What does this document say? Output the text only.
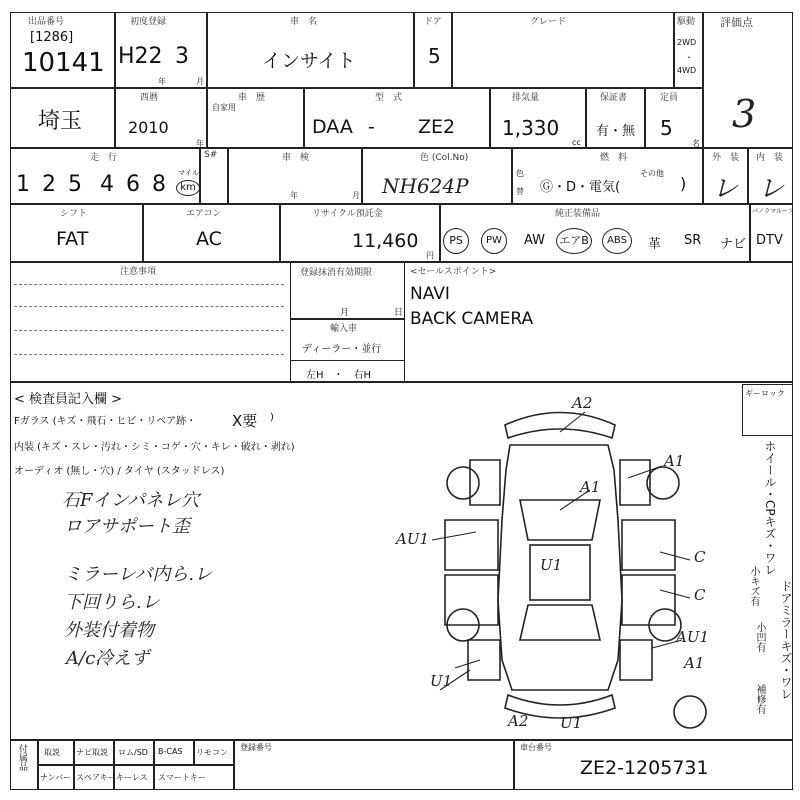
出品番号
[1286]
10141
初度登録
H22 3
年	月
車　名
インサイト
ドア
5
グレード	駆動
2WD
・
4WD
評価点
3
埼玉
西暦
2010
年
車　歴
自家用
型　式
DAA - ZE2
排気量
1,330
cc
保証書
有・無
定員
5
名
走　行
1 2 5 4 6 8 マイル
km
S#	車　検
年	月
色 (Col.No)
NH624P
色
替
燃　料
Ⓖ・D・電気(
その他
)
外　装
レ
内　装
レ
シフト
FAT
エアコン
AC
リサイクル預託金
11,460
円
純正装備品
PS	PW	AW エアB	ABS	革 SR ナビ
パノラマルーフ
DTV
注意事項	登録抹消有効期限
月	日
輸入車
ディーラー・並行
左H　・　右H
<セールスポイント>
NAVI
BACK CAMERA
< 検査員記入欄 >
Fガラス (キズ・飛石・ヒビ・リペア跡・ X要 )
内装 (キズ・スレ・汚れ・シミ・コゲ・穴・キレ・破れ・剥れ)
オーディオ (無し・穴) / タイヤ (スタッドレス)
石Fインパネレ穴
ロアサポート歪
ミラーレバ内ら.レ
下回りら.レ
外装付着物
A/c冷えず
A2
A1
A1
AU1
U1	C
C
AU1
A1
U1
A2 U1
ギーロック
ホイール・CPキズ・ワレ
小キズ有 ドアミラーキズ・ワレ
小凹有
補修有
付属品 取説 ナビ取説 ロム/SD B-CAS リモコン
ナンバー スペアキー キーレス スマートキー
登録番号	車台番号
ZE2-1205731
